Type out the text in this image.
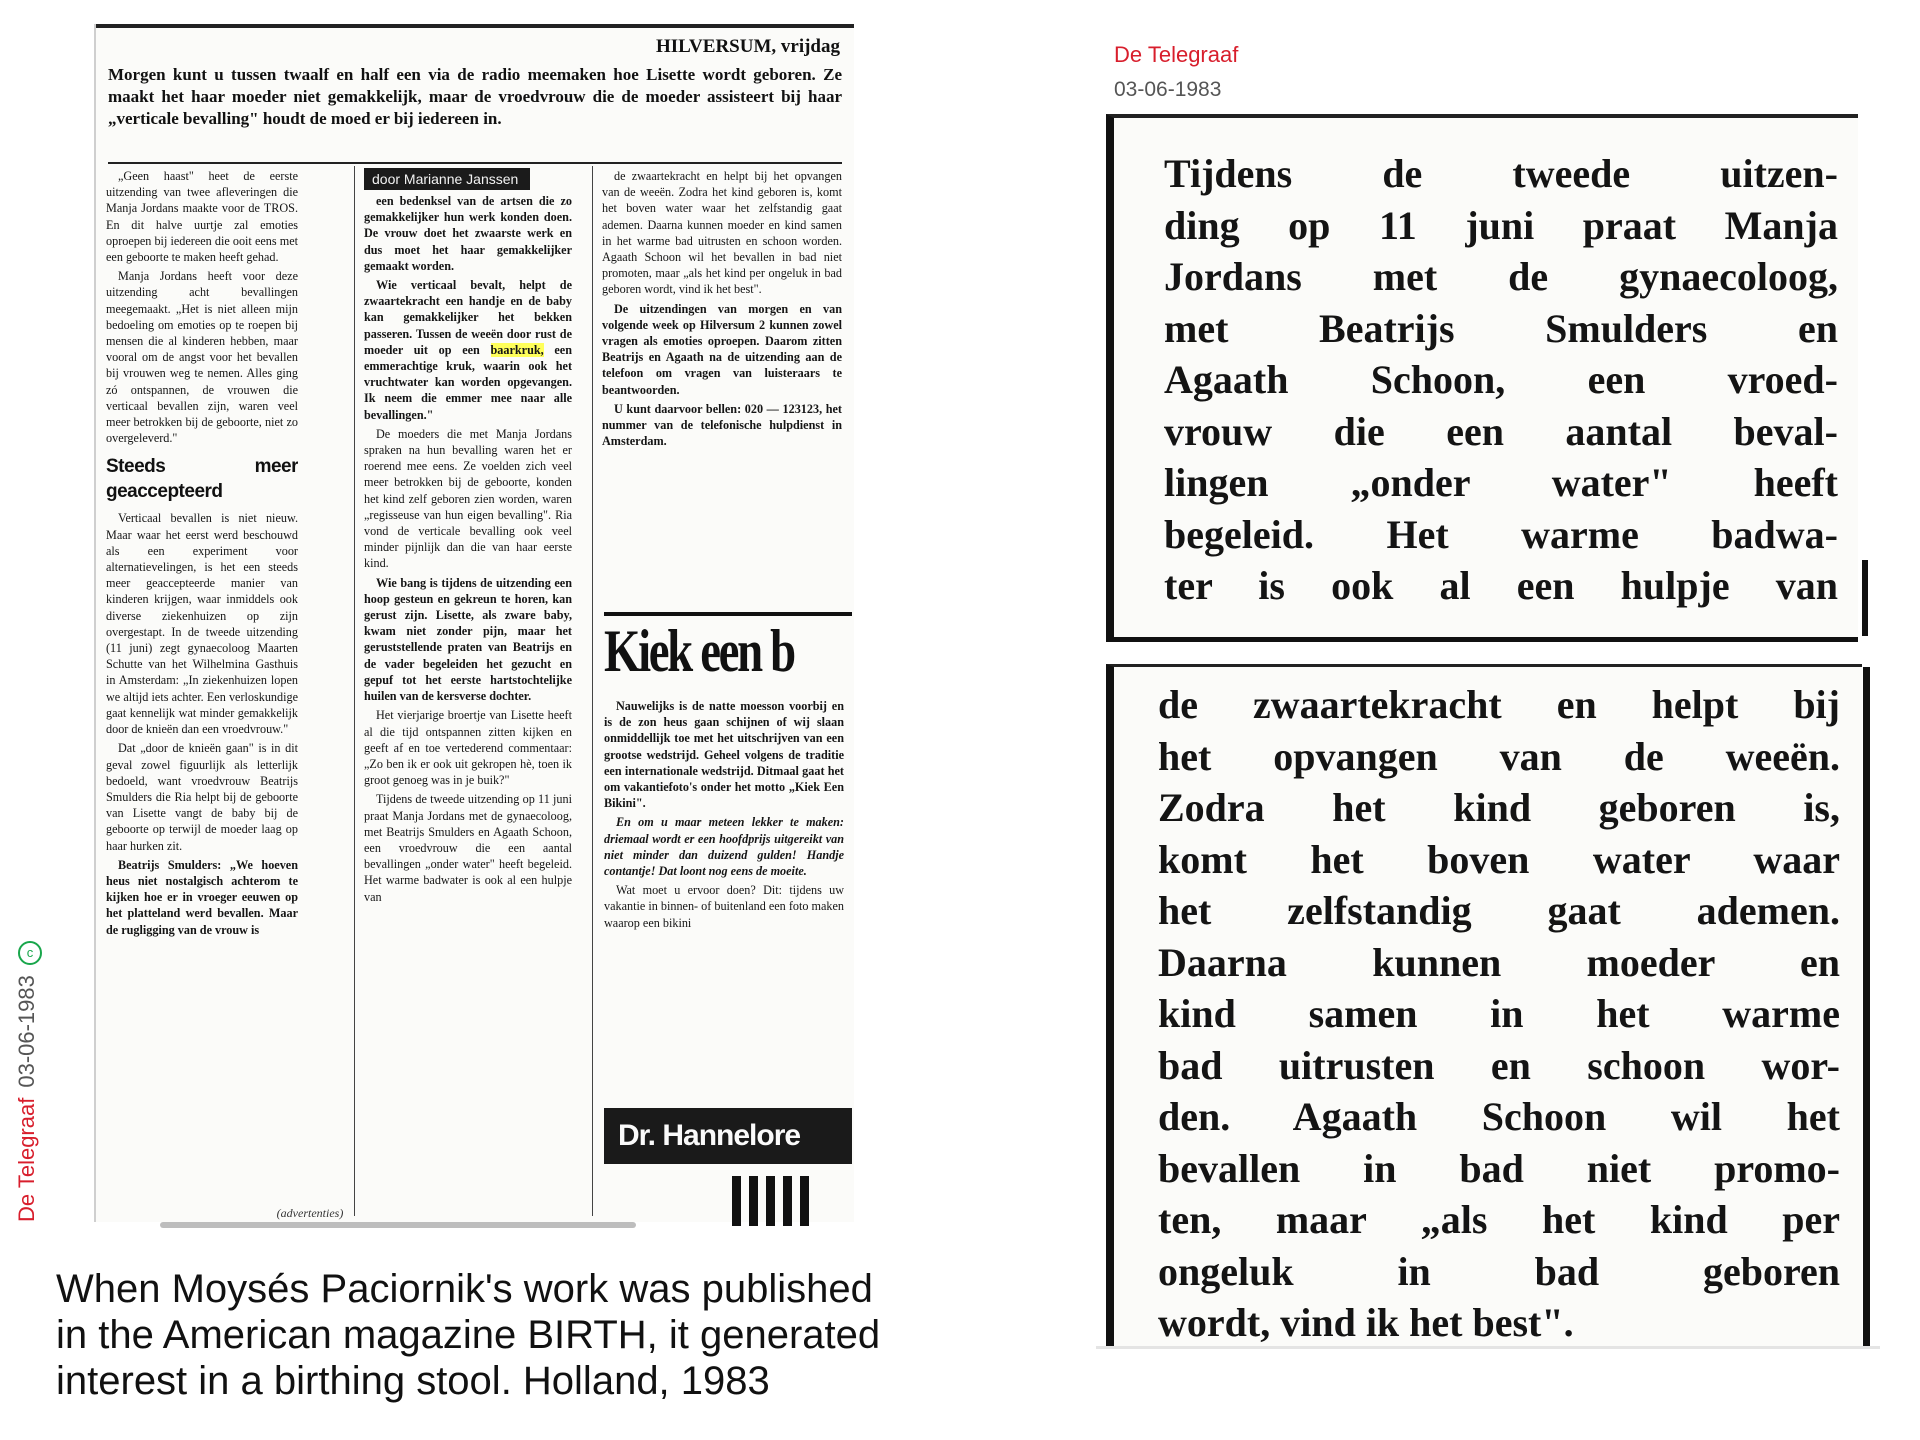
HILVERSUM, vrijdag
Morgen kunt u tussen twaalf en half een via de radio meemaken hoe Lisette wordt geboren. Ze maakt het haar moeder niet gemakkelijk, maar de vroedvrouw die de moeder assisteert bij haar „verticale bevalling" houdt de moed er bij iedereen in.

„Geen haast" heet de eerste uitzending van twee afleveringen die Manja Jordans maakte voor de TROS. En dit halve uurtje zal emoties oproepen bij iedereen die ooit eens met een geboorte te maken heeft gehad.

Manja Jordans heeft voor deze uitzending acht bevallingen meegemaakt. „Het is niet alleen mijn bedoeling om emoties op te roepen bij mensen die al kinderen hebben, maar vooral om de angst voor het bevallen bij vrouwen weg te nemen. Alles ging zó ontspannen, de vrouwen die verticaal bevallen zijn, waren veel meer betrokken bij de geboorte, niet zo overgeleverd."

Steeds meer geaccepteerd

Verticaal bevallen is niet nieuw. Maar waar het eerst werd beschouwd als een experiment voor alternatievelingen, is het een steeds meer geaccepteerde manier van kinderen krijgen, waar inmiddels ook diverse ziekenhuizen op zijn overgestapt. In de tweede uitzending (11 juni) zegt gynaecoloog Maarten Schutte van het Wilhelmina Gasthuis in Amsterdam: „In ziekenhuizen lopen we altijd iets achter. Een verloskundige gaat kennelijk wat minder gemakkelijk door de knieën dan een vroedvrouw."

Dat „door de knieën gaan" is in dit geval zowel figuurlijk als letterlijk bedoeld, want vroedvrouw Beatrijs Smulders die Ria helpt bij de geboorte van Lisette vangt de baby bij de geboorte op terwijl de moeder laag op haar hurken zit.

Beatrijs Smulders: „We hoeven heus niet nostalgisch achterom te kijken hoe er in vroeger eeuwen op het platteland werd bevallen. Maar de rugligging van de vrouw is

door Marianne Janssen

een bedenksel van de artsen die zo gemakkelijker hun werk konden doen. De vrouw doet het zwaarste werk en dus moet het haar gemakkelijker gemaakt worden.

Wie verticaal bevalt, helpt de zwaartekracht een handje en de baby kan gemakkelijker het bekken passeren. Tussen de weeën door rust de moeder uit op een baarkruk, een emmerachtige kruk, waarin ook het vruchtwater kan worden opgevangen. Ik neem die emmer mee naar alle bevallingen."

De moeders die met Manja Jordans spraken na hun bevalling waren het er roerend mee eens. Ze voelden zich veel meer betrokken bij de geboorte, konden het kind zelf geboren zien worden, waren „regisseuse van hun eigen bevalling". Ria vond de verticale bevalling ook veel minder pijnlijk dan die van haar eerste kind.

Wie bang is tijdens de uitzending een hoop gesteun en gekreun te horen, kan gerust zijn. Lisette, als zware baby, kwam niet zonder pijn, maar het geruststellende praten van Beatrijs en de vader begeleiden het gezucht en gepuf tot het eerste hartstochtelijke huilen van de kersverse dochter.

Het vierjarige broertje van Lisette heeft al die tijd ontspannen zitten kijken en geeft af en toe vertederend commentaar: „Zo ben ik er ook uit gekropen hè, toen ik groot genoeg was in je buik?"

Tijdens de tweede uitzending op 11 juni praat Manja Jordans met de gynaecoloog, met Beatrijs Smulders en Agaath Schoon, een vroedvrouw die een aantal bevallingen „onder water" heeft begeleid. Het warme badwater is ook al een hulpje van

de zwaartekracht en helpt bij het opvangen van de weeën. Zodra het kind geboren is, komt het boven water waar het zelfstandig gaat ademen. Daarna kunnen moeder en kind samen in het warme bad uitrusten en schoon worden. Agaath Schoon wil het bevallen in bad niet promoten, maar „als het kind per ongeluk in bad geboren wordt, vind ik het best".

De uitzendingen van morgen en van volgende week op Hilversum 2 kunnen zowel vragen als emoties oproepen. Daarom zitten Beatrijs en Agaath na de uitzending aan de telefoon om vragen van luisteraars te beantwoorden.

U kunt daarvoor bellen: 020 — 123123, het nummer van de telefonische hulpdienst in Amsterdam.

Kiek een b

Nauwelijks is de natte moesson voorbij en is de zon heus gaan schijnen of wij slaan onmiddellijk toe met het uitschrijven van een grootse wedstrijd. Geheel volgens de traditie een internationale wedstrijd. Ditmaal gaat het om vakantiefoto's onder het motto „Kiek Een Bikini".

En om u maar meteen lekker te maken: driemaal wordt er een hoofdprijs uitgereikt van niet minder dan duizend gulden! Handje contantje! Dat loont nog eens de moeite.

Wat moet u ervoor doen? Dit: tijdens uw vakantie in binnen- of buitenland een foto maken waarop een bikini

Dr. Hannelore
(advertenties)
De Telegraaf03-06-1983c
When Moysés Paciornik's work was published
in the American magazine BIRTH, it generated
interest in a birthing stool. Holland, 1983
De Telegraaf
03-06-1983
Tijdens de tweede uitzen-
ding op 11 juni praat Manja
Jordans met de gynaecoloog,
met Beatrijs Smulders en
Agaath Schoon, een vroed-
vrouw die een aantal beval-
lingen „onder water" heeft
begeleid. Het warme badwa-
ter is ook al een hulpje van
de zwaartekracht en helpt bij
het opvangen van de weeën.
Zodra het kind geboren is,
komt het boven water waar
het zelfstandig gaat ademen.
Daarna kunnen moeder en
kind samen in het warme
bad uitrusten en schoon wor-
den. Agaath Schoon wil het
bevallen in bad niet promo-
ten, maar „als het kind per
ongeluk in bad geboren
wordt, vind ik het best".
